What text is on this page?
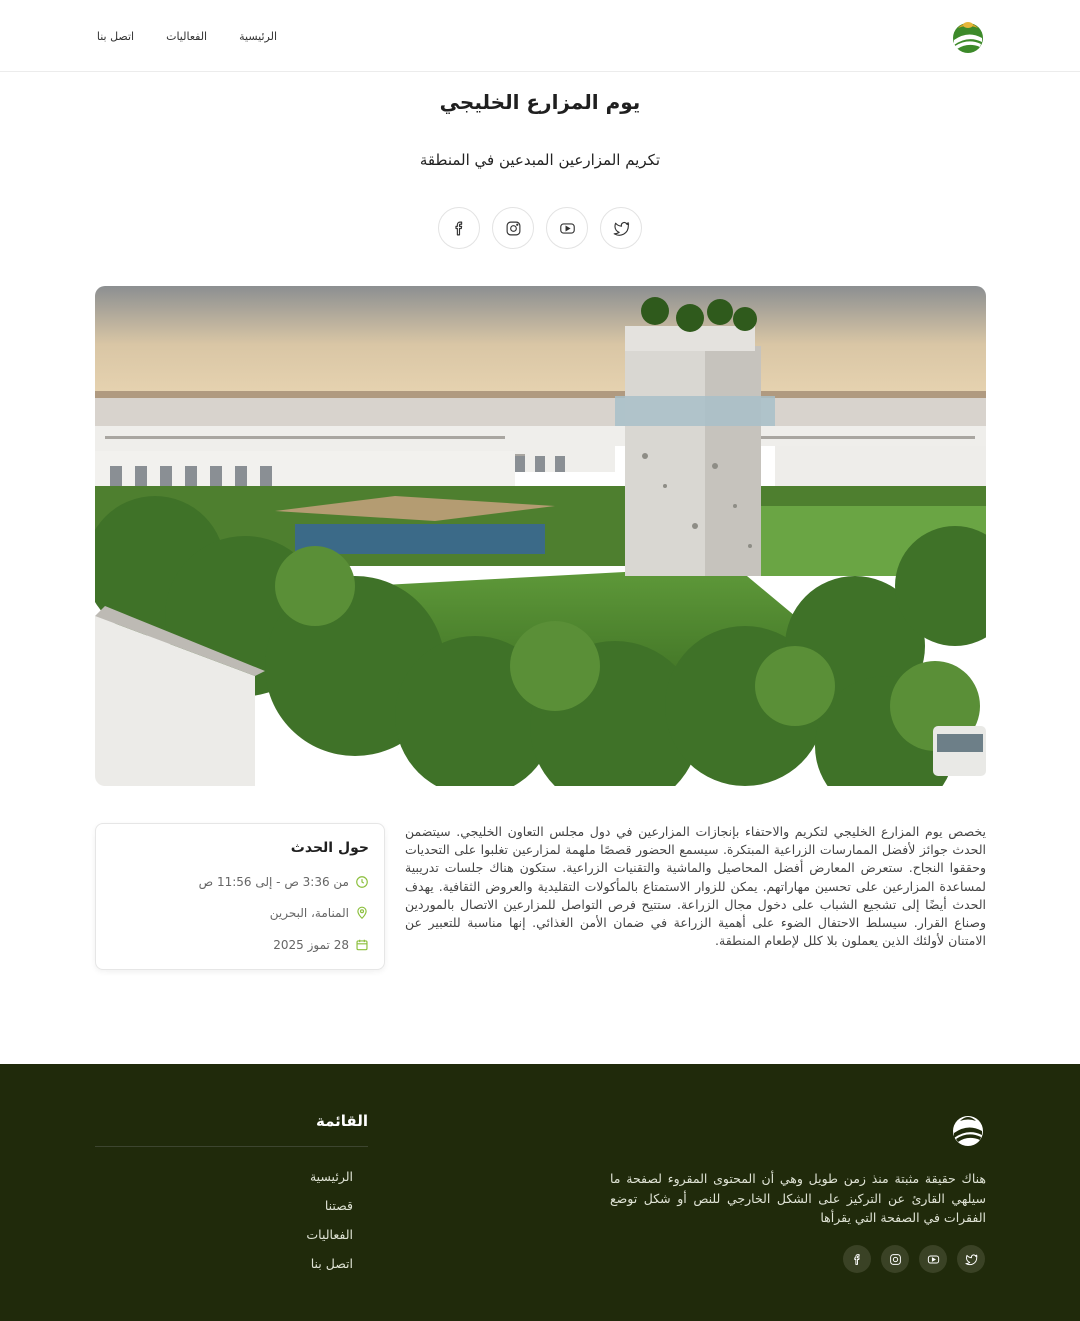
الرئيسية
الفعاليات
اتصل بنا
يوم المزارع الخليجي
تكريم المزارعين المبدعين في المنطقة

يخصص يوم المزارع الخليجي لتكريم والاحتفاء بإنجازات المزارعين في دول مجلس التعاون الخليجي. سيتضمن الحدث جوائز لأفضل الممارسات الزراعية المبتكرة. سيسمع الحضور قصصًا ملهمة لمزارعين تغلبوا على التحديات وحققوا النجاح. ستعرض المعارض أفضل المحاصيل والماشية والتقنيات الزراعية. ستكون هناك جلسات تدريبية لمساعدة المزارعين على تحسين مهاراتهم. يمكن للزوار الاستمتاع بالمأكولات التقليدية والعروض الثقافية. يهدف الحدث أيضًا إلى تشجيع الشباب على دخول مجال الزراعة. ستتيح فرص التواصل للمزارعين الاتصال بالموردين وصناع القرار. سيسلط الاحتفال الضوء على أهمية الزراعة في ضمان الأمن الغذائي. إنها مناسبة للتعبير عن الامتنان لأولئك الذين يعملون بلا كلل لإطعام المنطقة.

حول الحدث
من 3:36 ص - إلى 11:56 ص
المنامة، البحرين
28 تموز 2025

هناك حقيقة مثبتة منذ زمن طويل وهي أن المحتوى المقروء لصفحة ما سيلهي القارئ عن التركيز على الشكل الخارجي للنص أو شكل توضع الفقرات في الصفحة التي يقرأها

القائمة
الرئيسية
قصتنا
الفعاليات
اتصل بنا
